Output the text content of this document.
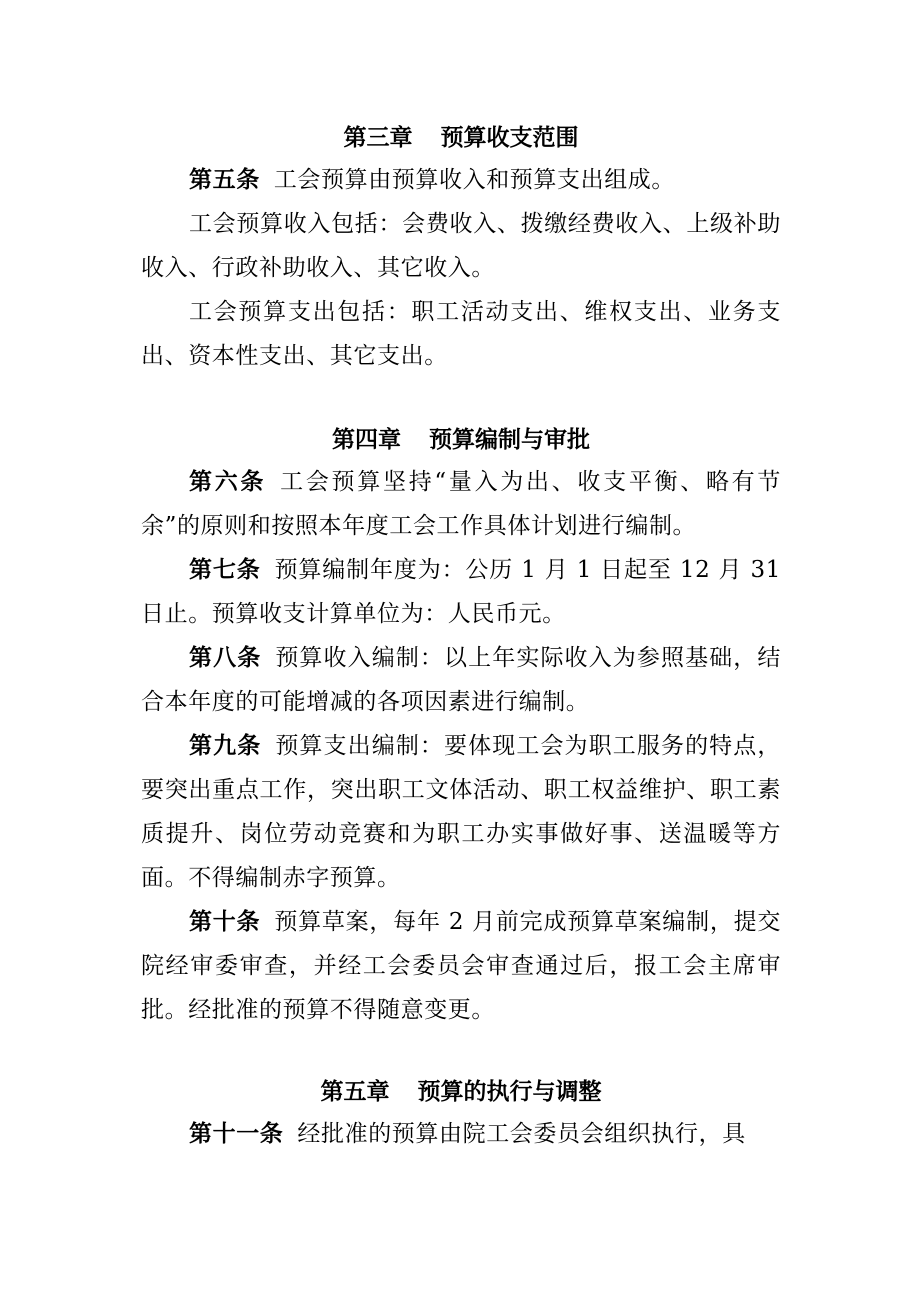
第三章 预算收支范围

第五条 工会预算由预算收入和预算支出组成。

工会预算收入包括：会费收入、拨缴经费收入、上级补助收入、行政补助收入、其它收入。

工会预算支出包括：职工活动支出、维权支出、业务支出、资本性支出、其它支出。

第四章 预算编制与审批

第六条 工会预算坚持“量入为出、收支平衡、略有节余”的原则和按照本年度工会工作具体计划进行编制。

第七条 预算编制年度为：公历 1 月 1 日起至 12 月 31 日止。预算收支计算单位为：人民币元。

第八条 预算收入编制：以上年实际收入为参照基础，结合本年度的可能增减的各项因素进行编制。

第九条 预算支出编制：要体现工会为职工服务的特点，要突出重点工作，突出职工文体活动、职工权益维护、职工素质提升、岗位劳动竞赛和为职工办实事做好事、送温暖等方面。不得编制赤字预算。

第十条 预算草案，每年 2 月前完成预算草案编制，提交院经审委审查，并经工会委员会审查通过后，报工会主席审批。经批准的预算不得随意变更。

第五章 预算的执行与调整

第十一条 经批准的预算由院工会委员会组织执行，具
